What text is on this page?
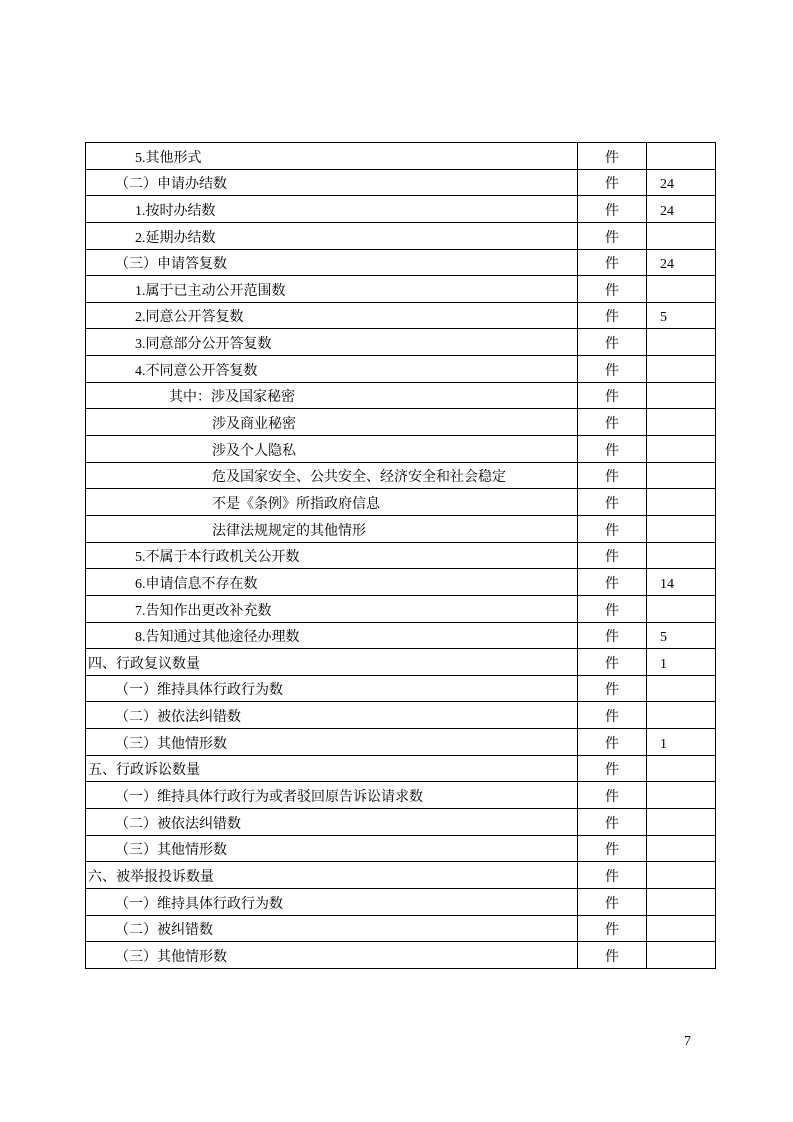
5.其他形式	件
（二）申请办结数	件	24
1.按时办结数	件	24
2.延期办结数	件
（三）申请答复数	件	24
1.属于已主动公开范围数	件
2.同意公开答复数	件	5
3.同意部分公开答复数	件
4.不同意公开答复数	件
其中：涉及国家秘密	件
涉及商业秘密	件
涉及个人隐私	件
危及国家安全、公共安全、经济安全和社会稳定	件
不是《条例》所指政府信息	件
法律法规规定的其他情形	件
5.不属于本行政机关公开数	件
6.申请信息不存在数	件	14
7.告知作出更改补充数	件
8.告知通过其他途径办理数	件	5
四、行政复议数量	件	1
（一）维持具体行政行为数	件
（二）被依法纠错数	件
（三）其他情形数	件	1
五、行政诉讼数量	件
（一）维持具体行政行为或者驳回原告诉讼请求数	件
（二）被依法纠错数	件
（三）其他情形数	件
六、被举报投诉数量	件
（一）维持具体行政行为数	件
（二）被纠错数	件
（三）其他情形数	件
7
